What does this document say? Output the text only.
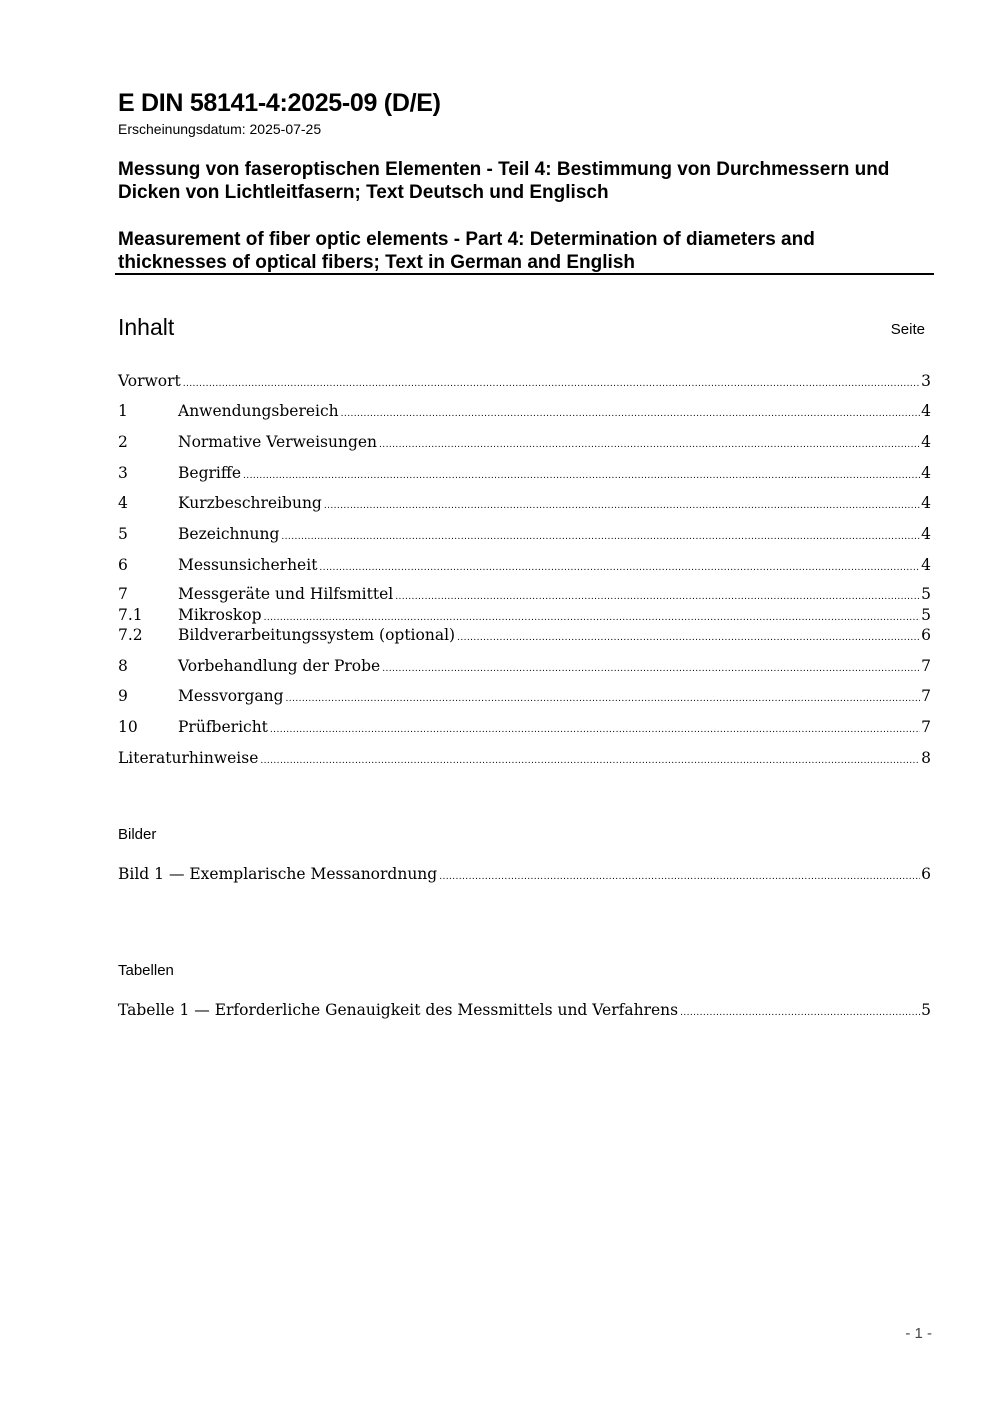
E DIN 58141-4:2025-09 (D/E)
Erscheinungsdatum: 2025-07-25
Messung von faseroptischen Elementen - Teil 4: Bestimmung von Durchmessern und Dicken von Lichtleitfasern; Text Deutsch und Englisch
Measurement of fiber optic elements - Part 4: Determination of diameters and thicknesses of optical fibers; Text in German and English
Inhalt	Seite
Vorwort .....	3
1	Anwendungsbereich .....	4
2	Normative Verweisungen .....	4
3	Begriffe .....	4
4	Kurzbeschreibung .....	4
5	Bezeichnung .....	4
6	Messunsicherheit .....	4
7	Messgeräte und Hilfsmittel .....	5
7.1	Mikroskop .....	5
7.2	Bildverarbeitungssystem (optional) .....	6
8	Vorbehandlung der Probe .....	7
9	Messvorgang .....	7
10	Prüfbericht .....	7
Literaturhinweise .....	8
Bilder
Bild 1 — Exemplarische Messanordnung .....	6
Tabellen
Tabelle 1 — Erforderliche Genauigkeit des Messmittels und Verfahrens .....	5
- 1 -
